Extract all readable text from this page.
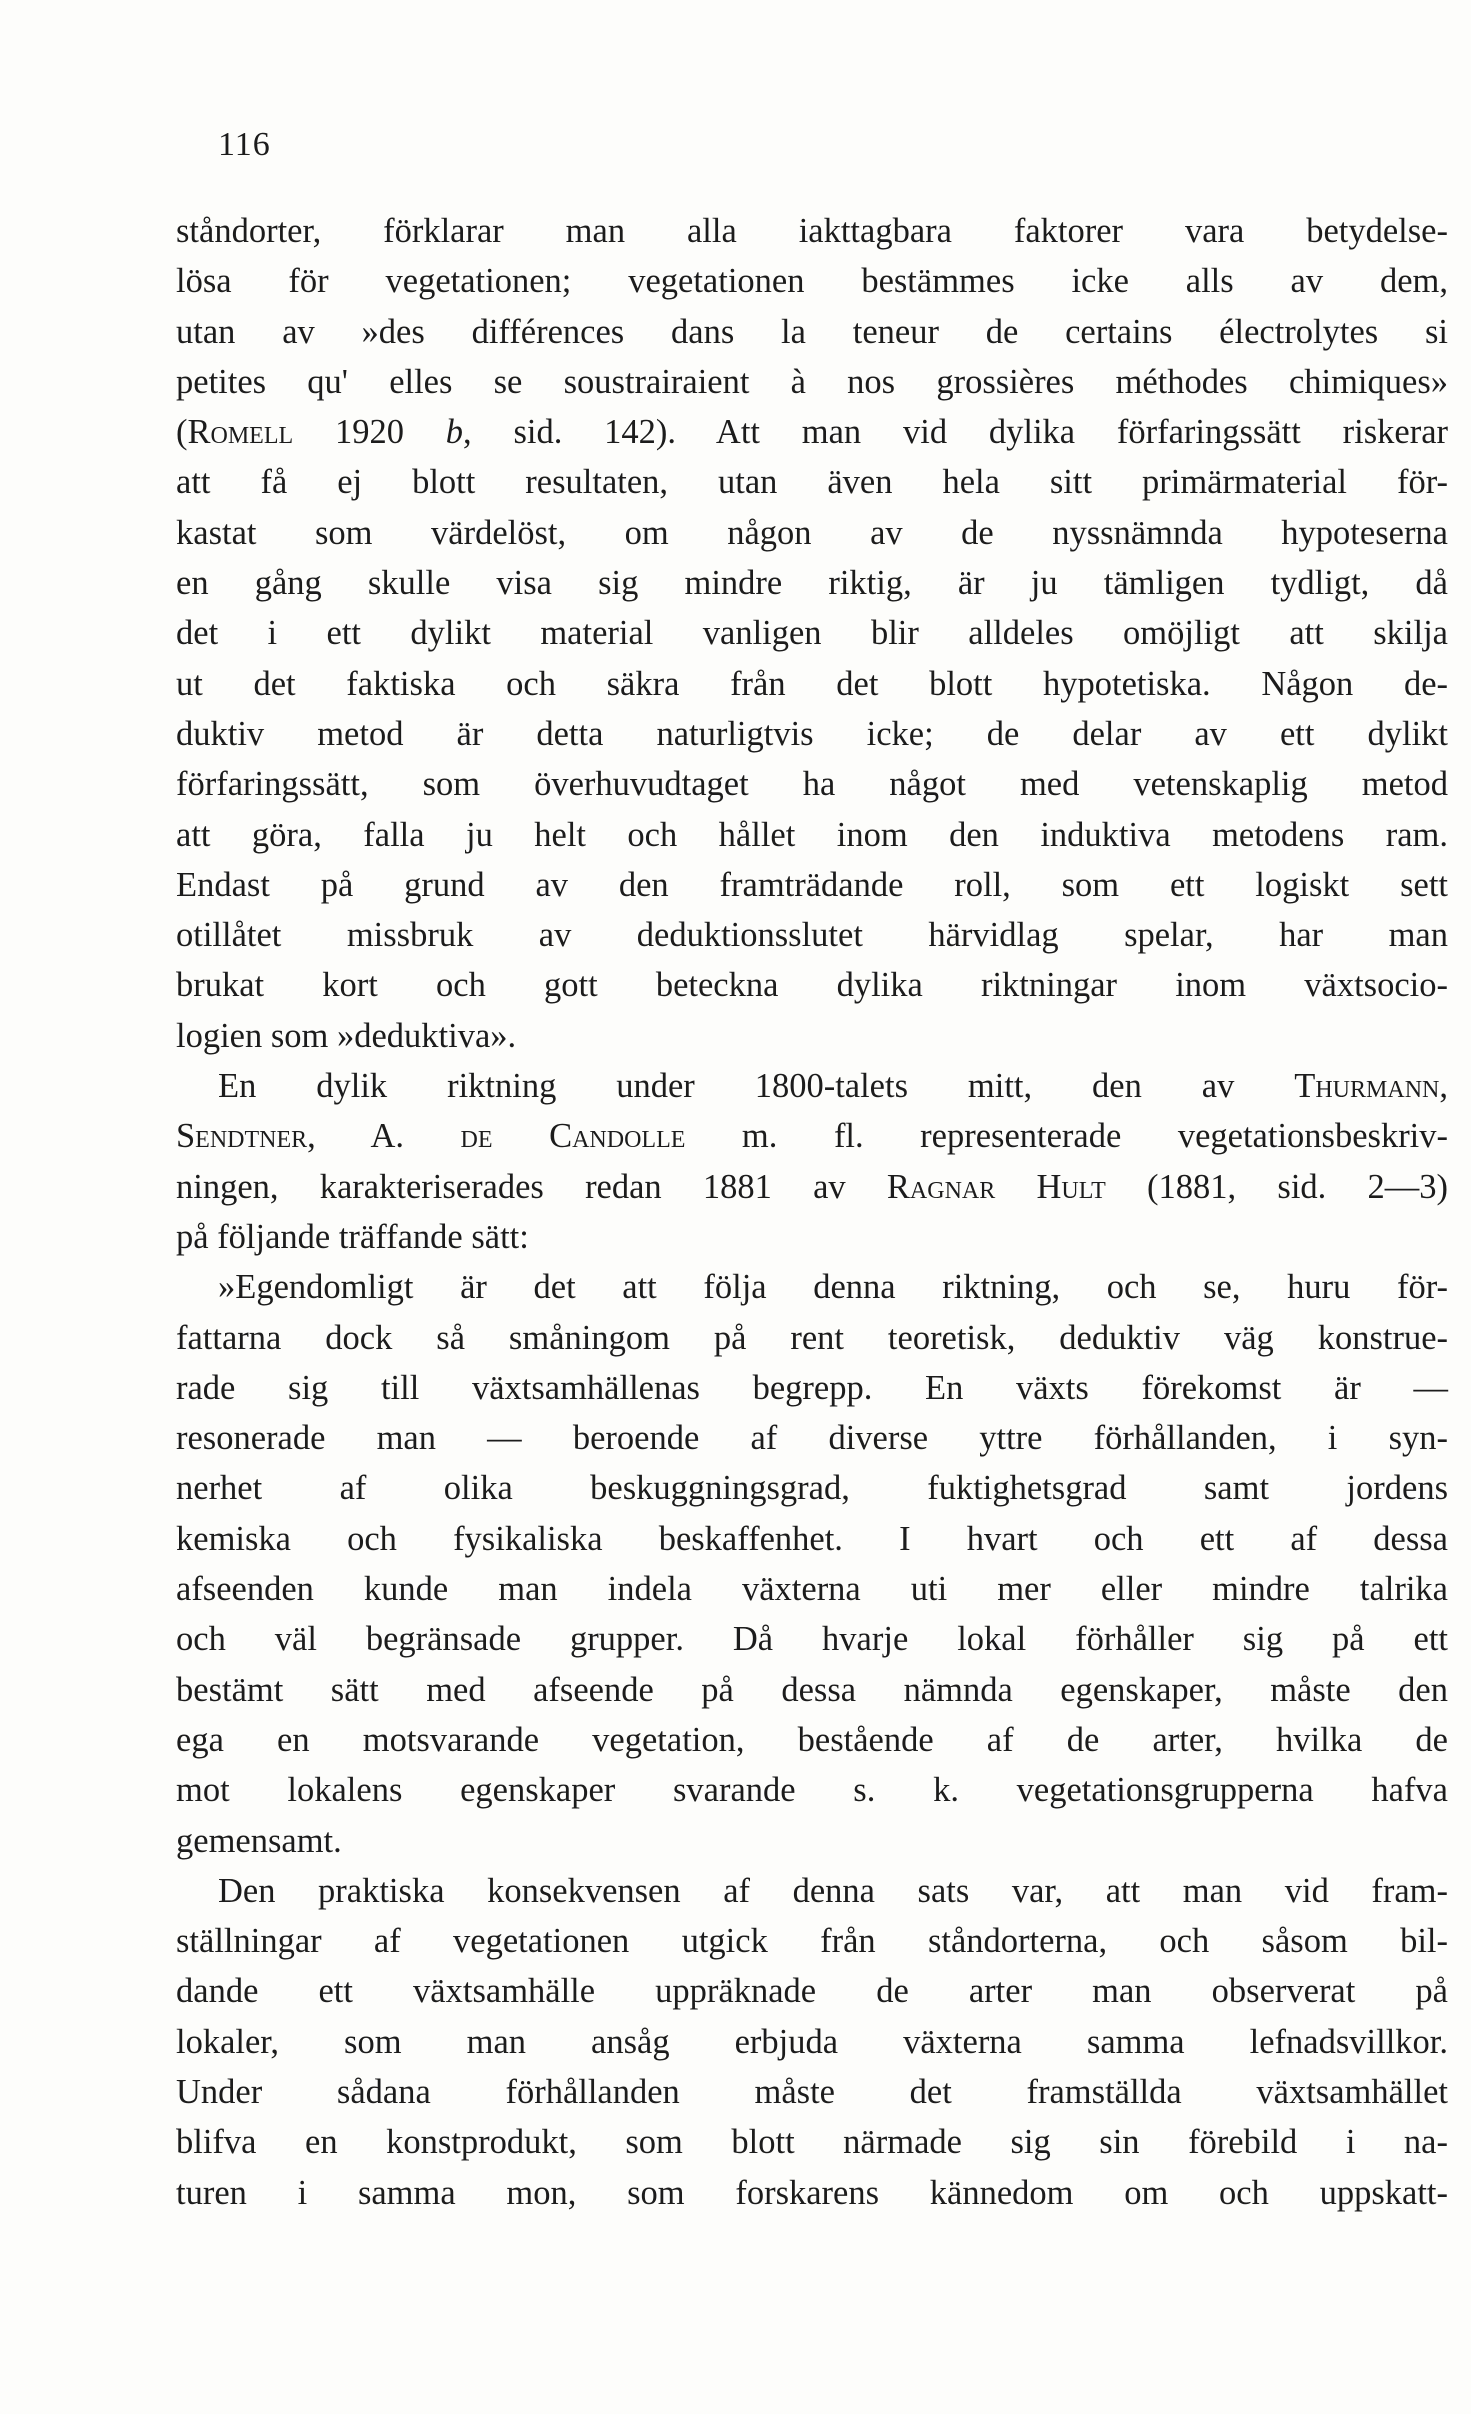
116
ståndorter, förklarar man alla iakttagbara faktorer vara betydelse-
lösa för vegetationen; vegetationen bestämmes icke alls av dem,
utan av »des différences dans la teneur de certains électrolytes si
petites qu' elles se soustrairaient à nos grossières méthodes chimiques»
(Romell 1920 b, sid. 142). Att man vid dylika förfaringssätt riskerar
att få ej blott resultaten, utan även hela sitt primärmaterial för-
kastat som värdelöst, om någon av de nyssnämnda hypoteserna
en gång skulle visa sig mindre riktig, är ju tämligen tydligt, då
det i ett dylikt material vanligen blir alldeles omöjligt att skilja
ut det faktiska och säkra från det blott hypotetiska. Någon de-
duktiv metod är detta naturligtvis icke; de delar av ett dylikt
förfaringssätt, som överhuvudtaget ha något med vetenskaplig metod
att göra, falla ju helt och hållet inom den induktiva metodens ram.
Endast på grund av den framträdande roll, som ett logiskt sett
otillåtet missbruk av deduktionsslutet härvidlag spelar, har man
brukat kort och gott beteckna dylika riktningar inom växtsocio-
logien som »deduktiva».
En dylik riktning under 1800-talets mitt, den av Thurmann,
Sendtner, A. de Candolle m. fl. representerade vegetationsbeskriv-
ningen, karakteriserades redan 1881 av Ragnar Hult (1881, sid. 2—3)
på följande träffande sätt:
»Egendomligt är det att följa denna riktning, och se, huru för-
fattarna dock så småningom på rent teoretisk, deduktiv väg konstrue-
rade sig till växtsamhällenas begrepp. En växts förekomst är —
resonerade man — beroende af diverse yttre förhållanden, i syn-
nerhet af olika beskuggningsgrad, fuktighetsgrad samt jordens
kemiska och fysikaliska beskaffenhet. I hvart och ett af dessa
afseenden kunde man indela växterna uti mer eller mindre talrika
och väl begränsade grupper. Då hvarje lokal förhåller sig på ett
bestämt sätt med afseende på dessa nämnda egenskaper, måste den
ega en motsvarande vegetation, bestående af de arter, hvilka de
mot lokalens egenskaper svarande s. k. vegetationsgrupperna hafva
gemensamt.
Den praktiska konsekvensen af denna sats var, att man vid fram-
ställningar af vegetationen utgick från ståndorterna, och såsom bil-
dande ett växtsamhälle uppräknade de arter man observerat på
lokaler, som man ansåg erbjuda växterna samma lefnadsvillkor.
Under sådana förhållanden måste det framställda växtsamhället
blifva en konstprodukt, som blott närmade sig sin förebild i na-
turen i samma mon, som forskarens kännedom om och uppskatt-
